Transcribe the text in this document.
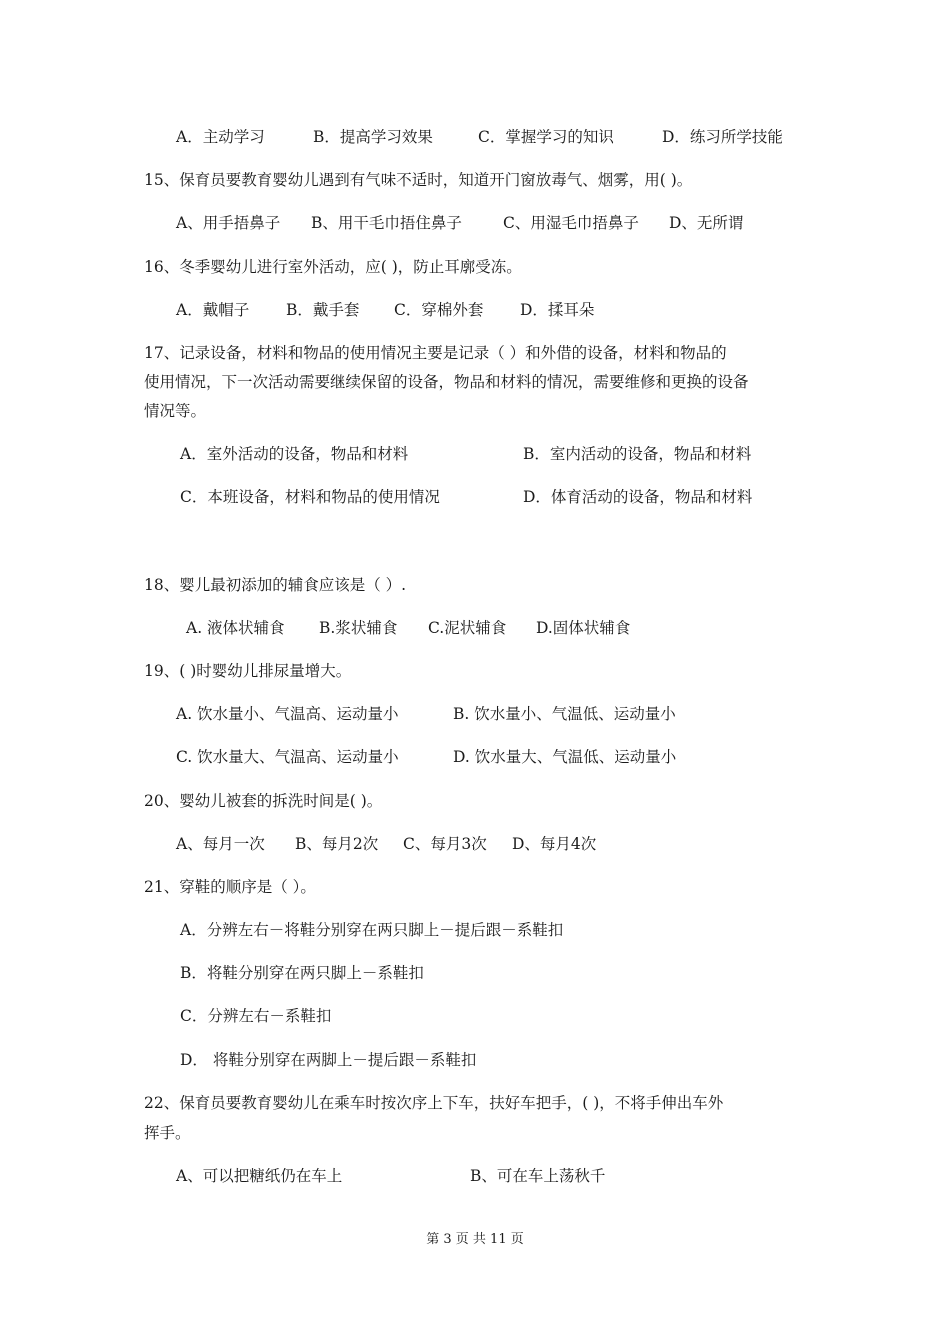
A．主动学习	B．提高学习效果	C．掌握学习的知识	D．练习所学技能
15、保育员要教育婴幼儿遇到有气味不适时，知道开门窗放毒气、烟雾，用( )。
A、用手捂鼻子 B、用干毛巾捂住鼻子	C、用湿毛巾捂鼻子 D、无所谓
16、冬季婴幼儿进行室外活动，应( )，防止耳廓受冻。
A．戴帽子 B．戴手套 C．穿棉外套 D．揉耳朵
17、记录设备，材料和物品的使用情况主要是记录（ ）和外借的设备，材料和物品的
使用情况，下一次活动需要继续保留的设备，物品和材料的情况，需要维修和更换的设备
情况等。
A．室外活动的设备，物品和材料	B．室内活动的设备，物品和材料
C．本班设备，材料和物品的使用情况	D．体育活动的设备，物品和材料
18、婴儿最初添加的辅食应该是（ ）.
A. 液体状辅食 B.浆状辅食 C.泥状辅食 D.固体状辅食
19、( )时婴幼儿排尿量增大。
A. 饮水量小、气温高、运动量小	B. 饮水量小、气温低、运动量小
C. 饮水量大、气温高、运动量小	D. 饮水量大、气温低、运动量小
20、婴幼儿被套的拆洗时间是( )。
A、每月一次 B、每月2次 C、每月3次 D、每月4次
21、穿鞋的顺序是（ ）。
A．分辨左右－将鞋分别穿在两只脚上－提后跟－系鞋扣
B．将鞋分别穿在两只脚上－系鞋扣
C．分辨左右－系鞋扣
D． 将鞋分别穿在两脚上－提后跟－系鞋扣
22、保育员要教育婴幼儿在乘车时按次序上下车，扶好车把手，( )，不将手伸出车外
挥手。
A、可以把糖纸仍在车上	B、可在车上荡秋千
第 3 页 共 11 页
